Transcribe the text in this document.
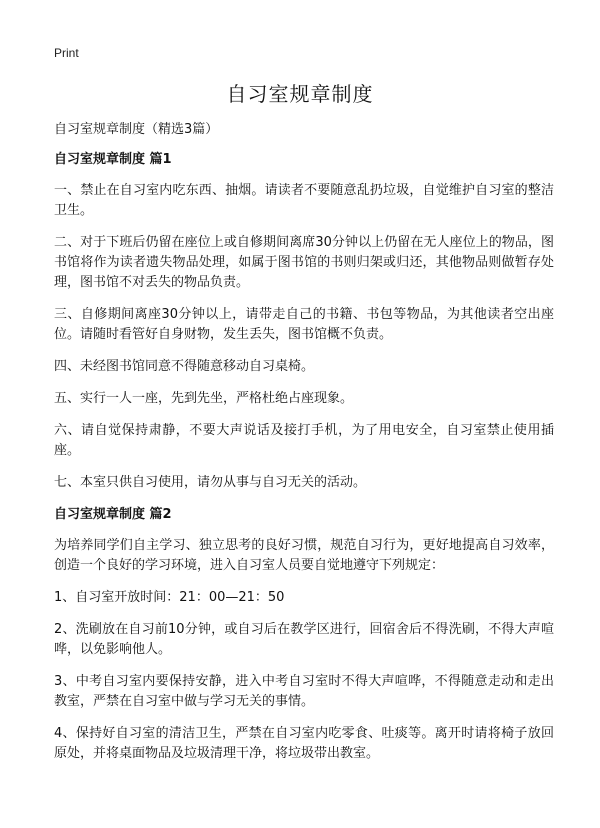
Print
自习室规章制度

自习室规章制度（精选3篇）

自习室规章制度 篇1

一、禁止在自习室内吃东西、抽烟。请读者不要随意乱扔垃圾，自觉维护自习室的整洁卫生。

二、对于下班后仍留在座位上或自修期间离席30分钟以上仍留在无人座位上的物品，图书馆将作为读者遗失物品处理，如属于图书馆的书则归架或归还，其他物品则做暂存处理，图书馆不对丢失的物品负责。

三、自修期间离座30分钟以上，请带走自己的书籍、书包等物品，为其他读者空出座位。请随时看管好自身财物，发生丢失，图书馆概不负责。

四、未经图书馆同意不得随意移动自习桌椅。

五、实行一人一座，先到先坐，严格杜绝占座现象。

六、请自觉保持肃静，不要大声说话及接打手机，为了用电安全，自习室禁止使用插座。

七、本室只供自习使用，请勿从事与自习无关的活动。

自习室规章制度 篇2

为培养同学们自主学习、独立思考的良好习惯，规范自习行为，更好地提高自习效率，创造一个良好的学习环境，进入自习室人员要自觉地遵守下列规定：

1、自习室开放时间：21：00—21：50

2、洗刷放在自习前10分钟，或自习后在教学区进行，回宿舍后不得洗刷，不得大声喧哗，以免影响他人。

3、中考自习室内要保持安静，进入中考自习室时不得大声喧哗，不得随意走动和走出教室，严禁在自习室中做与学习无关的事情。

4、保持好自习室的清洁卫生，严禁在自习室内吃零食、吐痰等。离开时请将椅子放回原处，并将桌面物品及垃圾清理干净，将垃圾带出教室。
